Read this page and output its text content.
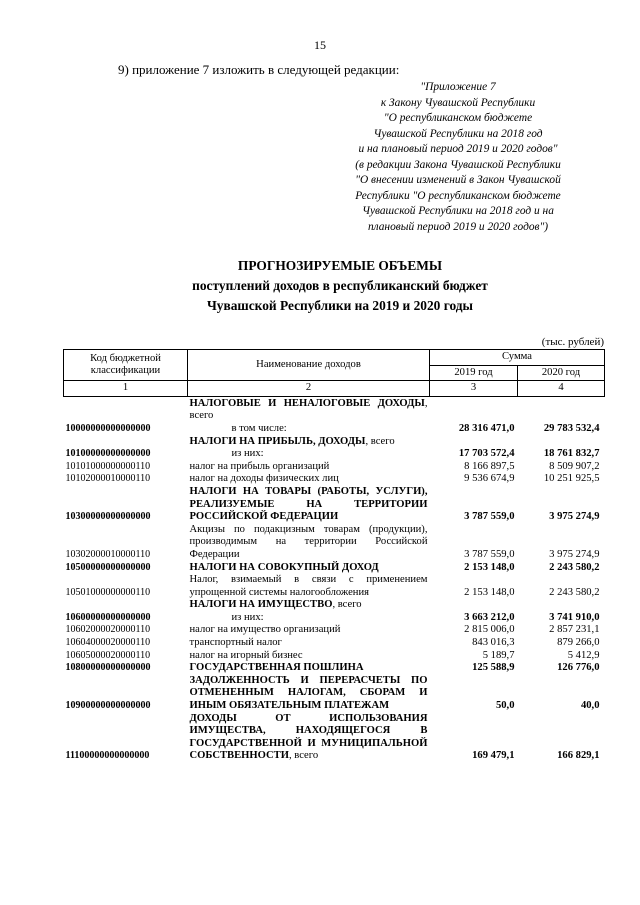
15
9) приложение 7 изложить в следующей редакции:
"Приложение 7
к Закону Чувашской Республики
"О республиканском бюджете
Чувашской Республики на 2018 год
и на плановый период 2019 и 2020 годов"
(в редакции Закона Чувашской Республики
"О внесении изменений в Закон Чувашской
Республики "О республиканском бюджете
Чувашской Республики на 2018 год и на
плановый период 2019 и 2020 годов")
ПРОГНОЗИРУЕМЫЕ ОБЪЕМЫ
поступлений доходов в республиканский бюджет
Чувашской Республики на 2019 и 2020 годы
(тыс. рублей)
Код бюджетной классификации	Наименование доходов	Сумма	
		2019 год	2020 год
1	2	3	4
10000000000000000	НАЛОГОВЫЕ И НЕНАЛОГОВЫЕ ДОХОДЫ, всего
в том числе:	28 316 471,0	29 783 532,4
10100000000000000	НАЛОГИ НА ПРИБЫЛЬ, ДОХОДЫ, всего
из них:	17 703 572,4	18 761 832,7
10101000000000110	налог на прибыль организаций	8 166 897,5	8 509 907,2
10102000010000110	налог на доходы физических лиц	9 536 674,9	10 251 925,5
10300000000000000	НАЛОГИ НА ТОВАРЫ (РАБОТЫ, УСЛУГИ), РЕАЛИЗУЕМЫЕ НА ТЕРРИТОРИИ РОССИЙСКОЙ ФЕДЕРАЦИИ	3 787 559,0	3 975 274,9
10302000010000110	Акцизы по подакцизным товарам (продукции), производимым на территории Российской Федерации	3 787 559,0	3 975 274,9
10500000000000000	НАЛОГИ НА СОВОКУПНЫЙ ДОХОД	2 153 148,0	2 243 580,2
10501000000000110	Налог, взимаемый в связи с применением упрощенной системы налогообложения	2 153 148,0	2 243 580,2
10600000000000000	НАЛОГИ НА ИМУЩЕСТВО, всего
из них:	3 663 212,0	3 741 910,0
10602000020000110	налог на имущество организаций	2 815 006,0	2 857 231,1
10604000020000110	транспортный налог	843 016,3	879 266,0
10605000020000110	налог на игорный бизнес	5 189,7	5 412,9
10800000000000000	ГОСУДАРСТВЕННАЯ ПОШЛИНА	125 588,9	126 776,0
10900000000000000	ЗАДОЛЖЕННОСТЬ И ПЕРЕРАСЧЕТЫ ПО ОТМЕНЕННЫМ НАЛОГАМ, СБОРАМ И ИНЫМ ОБЯЗАТЕЛЬНЫМ ПЛАТЕЖАМ	50,0	40,0
11100000000000000	ДОХОДЫ ОТ ИСПОЛЬЗОВАНИЯ ИМУЩЕСТВА, НАХОДЯЩЕГОСЯ В ГОСУДАРСТВЕННОЙ И МУНИЦИПАЛЬНОЙ СОБСТВЕННОСТИ, всего	169 479,1	166 829,1
